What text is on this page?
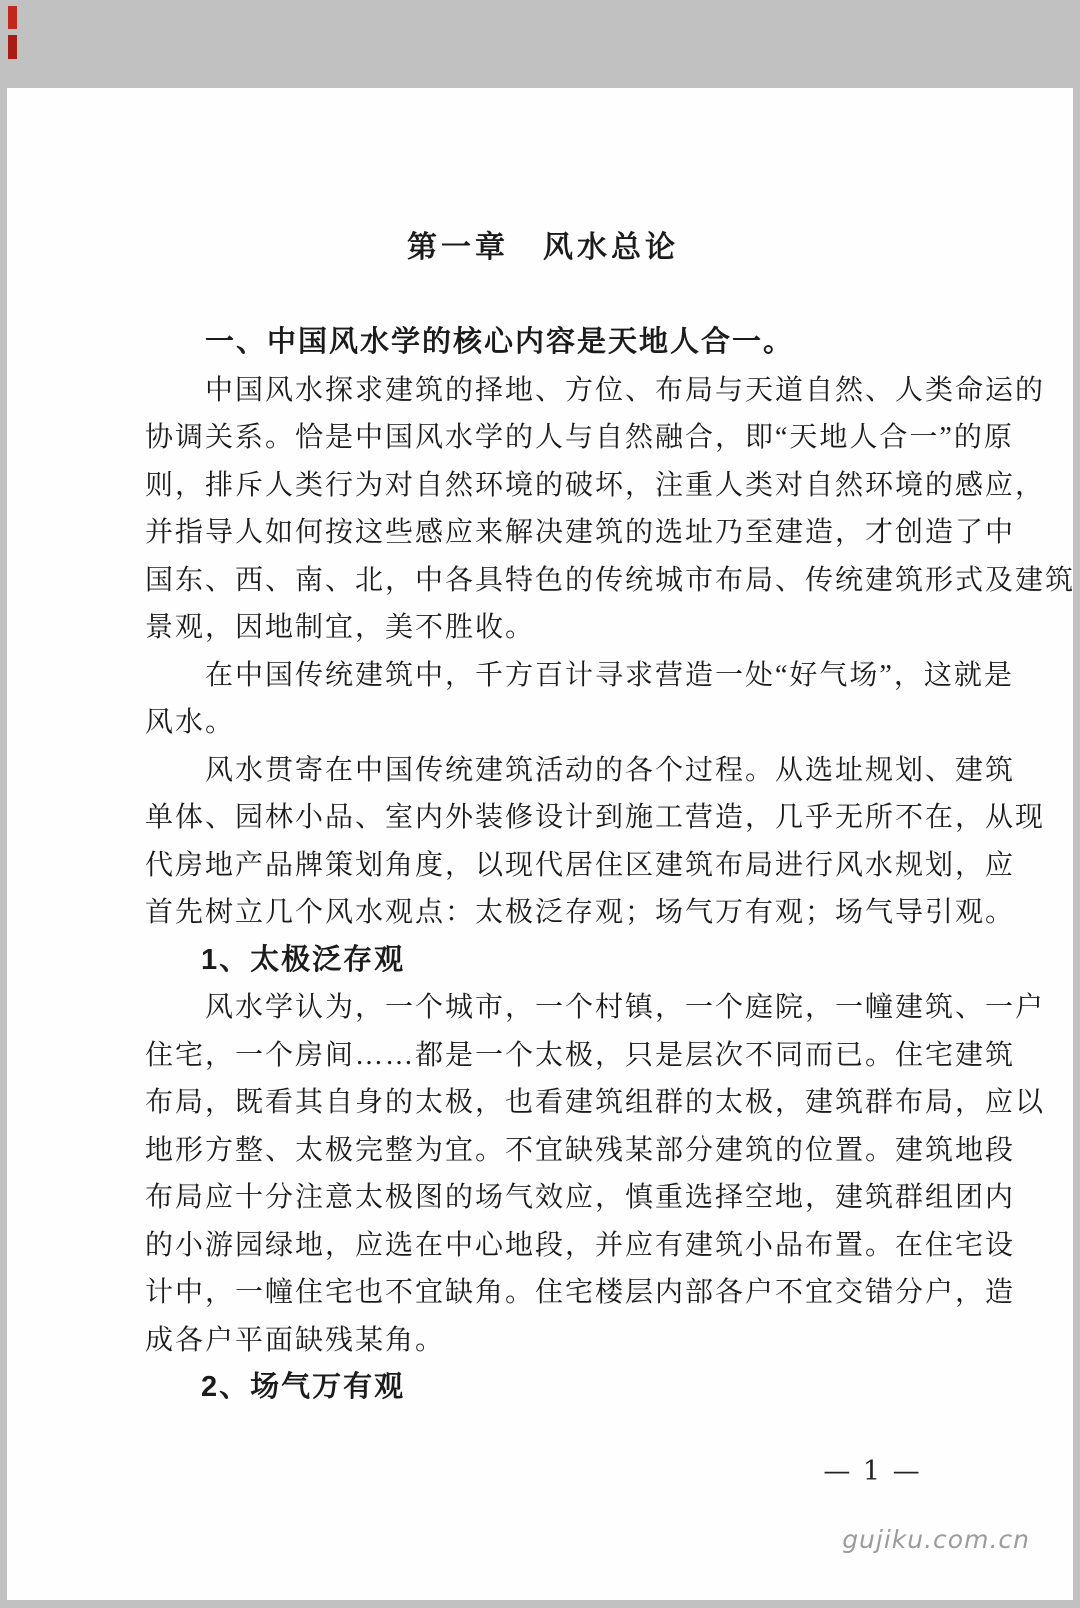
第一章　风水总论
一、中国风水学的核心内容是天地人合一。
中国风水探求建筑的择地、方位、布局与天道自然、人类命运的
协调关系。恰是中国风水学的人与自然融合，即“天地人合一”的原
则，排斥人类行为对自然环境的破坏，注重人类对自然环境的感应，
并指导人如何按这些感应来解决建筑的选址乃至建造，才创造了中
国东、西、南、北，中各具特色的传统城市布局、传统建筑形式及建筑
景观，因地制宜，美不胜收。
在中国传统建筑中，千方百计寻求营造一处“好气场”，这就是
风水。
风水贯寄在中国传统建筑活动的各个过程。从选址规划、建筑
单体、园林小品、室内外装修设计到施工营造，几乎无所不在，从现
代房地产品牌策划角度，以现代居住区建筑布局进行风水规划，应
首先树立几个风水观点：太极泛存观；场气万有观；场气导引观。
1、太极泛存观
风水学认为，一个城市，一个村镇，一个庭院，一幢建筑、一户
住宅，一个房间……都是一个太极，只是层次不同而已。住宅建筑
布局，既看其自身的太极，也看建筑组群的太极，建筑群布局，应以
地形方整、太极完整为宜。不宜缺残某部分建筑的位置。建筑地段
布局应十分注意太极图的场气效应，慎重选择空地，建筑群组团内
的小游园绿地，应选在中心地段，并应有建筑小品布置。在住宅设
计中，一幢住宅也不宜缺角。住宅楼层内部各户不宜交错分户，造
成各户平面缺残某角。
2、场气万有观
— 1 —
gujiku.com.cn
